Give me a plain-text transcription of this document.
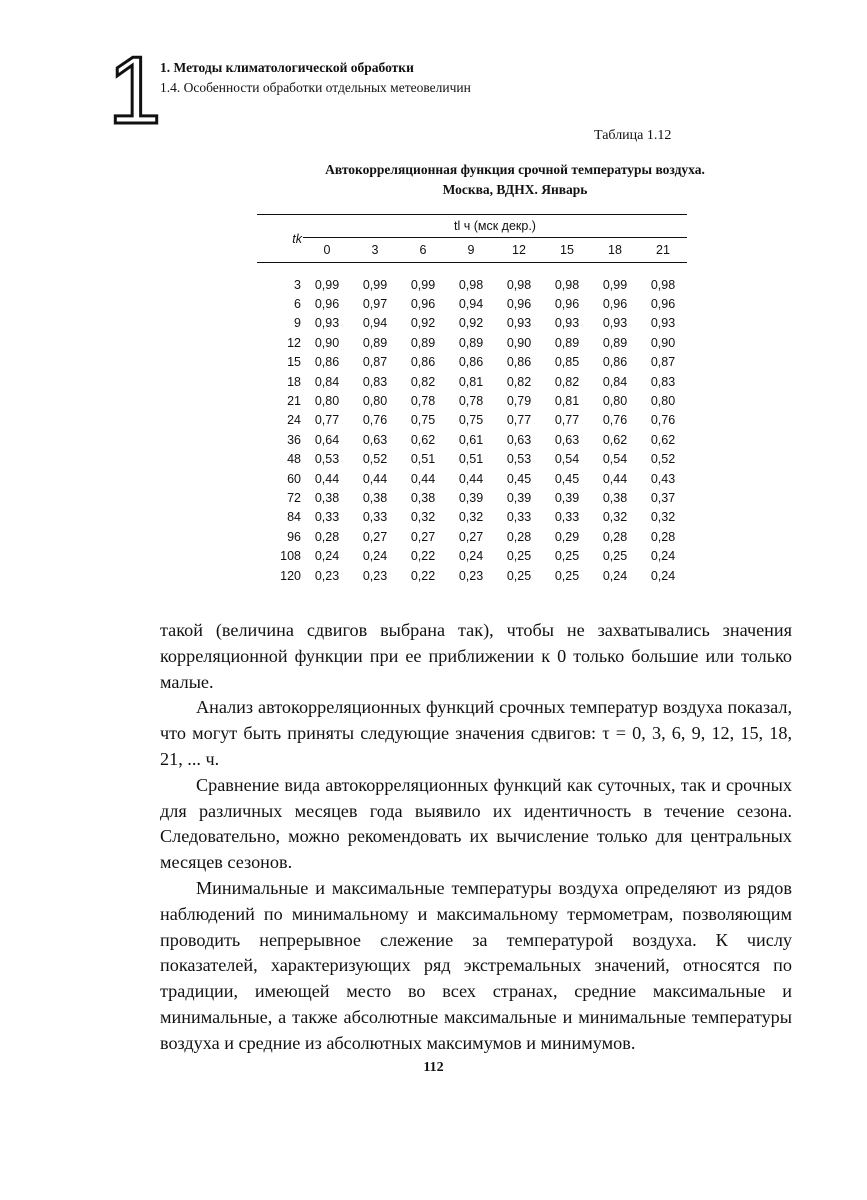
1
1. Методы климатологической обработки
1.4. Особенности обработки отдельных метеовеличин
Таблица 1.12
Автокорреляционная функция срочной температуры воздуха.
Москва, ВДНХ. Январь
tk	tl ч (мск декр.)							
	0	3	6	9	12	15	18	21
3	0,99	0,99	0,99	0,98	0,98	0,98	0,99	0,98
6	0,96	0,97	0,96	0,94	0,96	0,96	0,96	0,96
9	0,93	0,94	0,92	0,92	0,93	0,93	0,93	0,93
12	0,90	0,89	0,89	0,89	0,90	0,89	0,89	0,90
15	0,86	0,87	0,86	0,86	0,86	0,85	0,86	0,87
18	0,84	0,83	0,82	0,81	0,82	0,82	0,84	0,83
21	0,80	0,80	0,78	0,78	0,79	0,81	0,80	0,80
24	0,77	0,76	0,75	0,75	0,77	0,77	0,76	0,76
36	0,64	0,63	0,62	0,61	0,63	0,63	0,62	0,62
48	0,53	0,52	0,51	0,51	0,53	0,54	0,54	0,52
60	0,44	0,44	0,44	0,44	0,45	0,45	0,44	0,43
72	0,38	0,38	0,38	0,39	0,39	0,39	0,38	0,37
84	0,33	0,33	0,32	0,32	0,33	0,33	0,32	0,32
96	0,28	0,27	0,27	0,27	0,28	0,29	0,28	0,28
108	0,24	0,24	0,22	0,24	0,25	0,25	0,25	0,24
120	0,23	0,23	0,22	0,23	0,25	0,25	0,24	0,24

такой (величина сдвигов выбрана так), чтобы не захватывались значения корреляционной функции при ее приближении к 0 только большие или только малые.

Анализ автокорреляционных функций срочных температур воздуха показал, что могут быть приняты следующие значения сдвигов: τ = 0, 3, 6, 9, 12, 15, 18, 21, ... ч.

Сравнение вида автокорреляционных функций как суточных, так и срочных для различных месяцев года выявило их идентичность в течение сезона. Следовательно, можно рекомендовать их вычисление только для центральных месяцев сезонов.

Минимальные и максимальные температуры воздуха определяют из рядов наблюдений по минимальному и максимальному термометрам, позволяющим проводить непрерывное слежение за температурой воздуха. К числу показателей, характеризующих ряд экстремальных значений, относятся по традиции, имеющей место во всех странах, средние максимальные и минимальные, а также абсолютные максимальные и минимальные температуры воздуха и средние из абсолютных максимумов и минимумов.

112
